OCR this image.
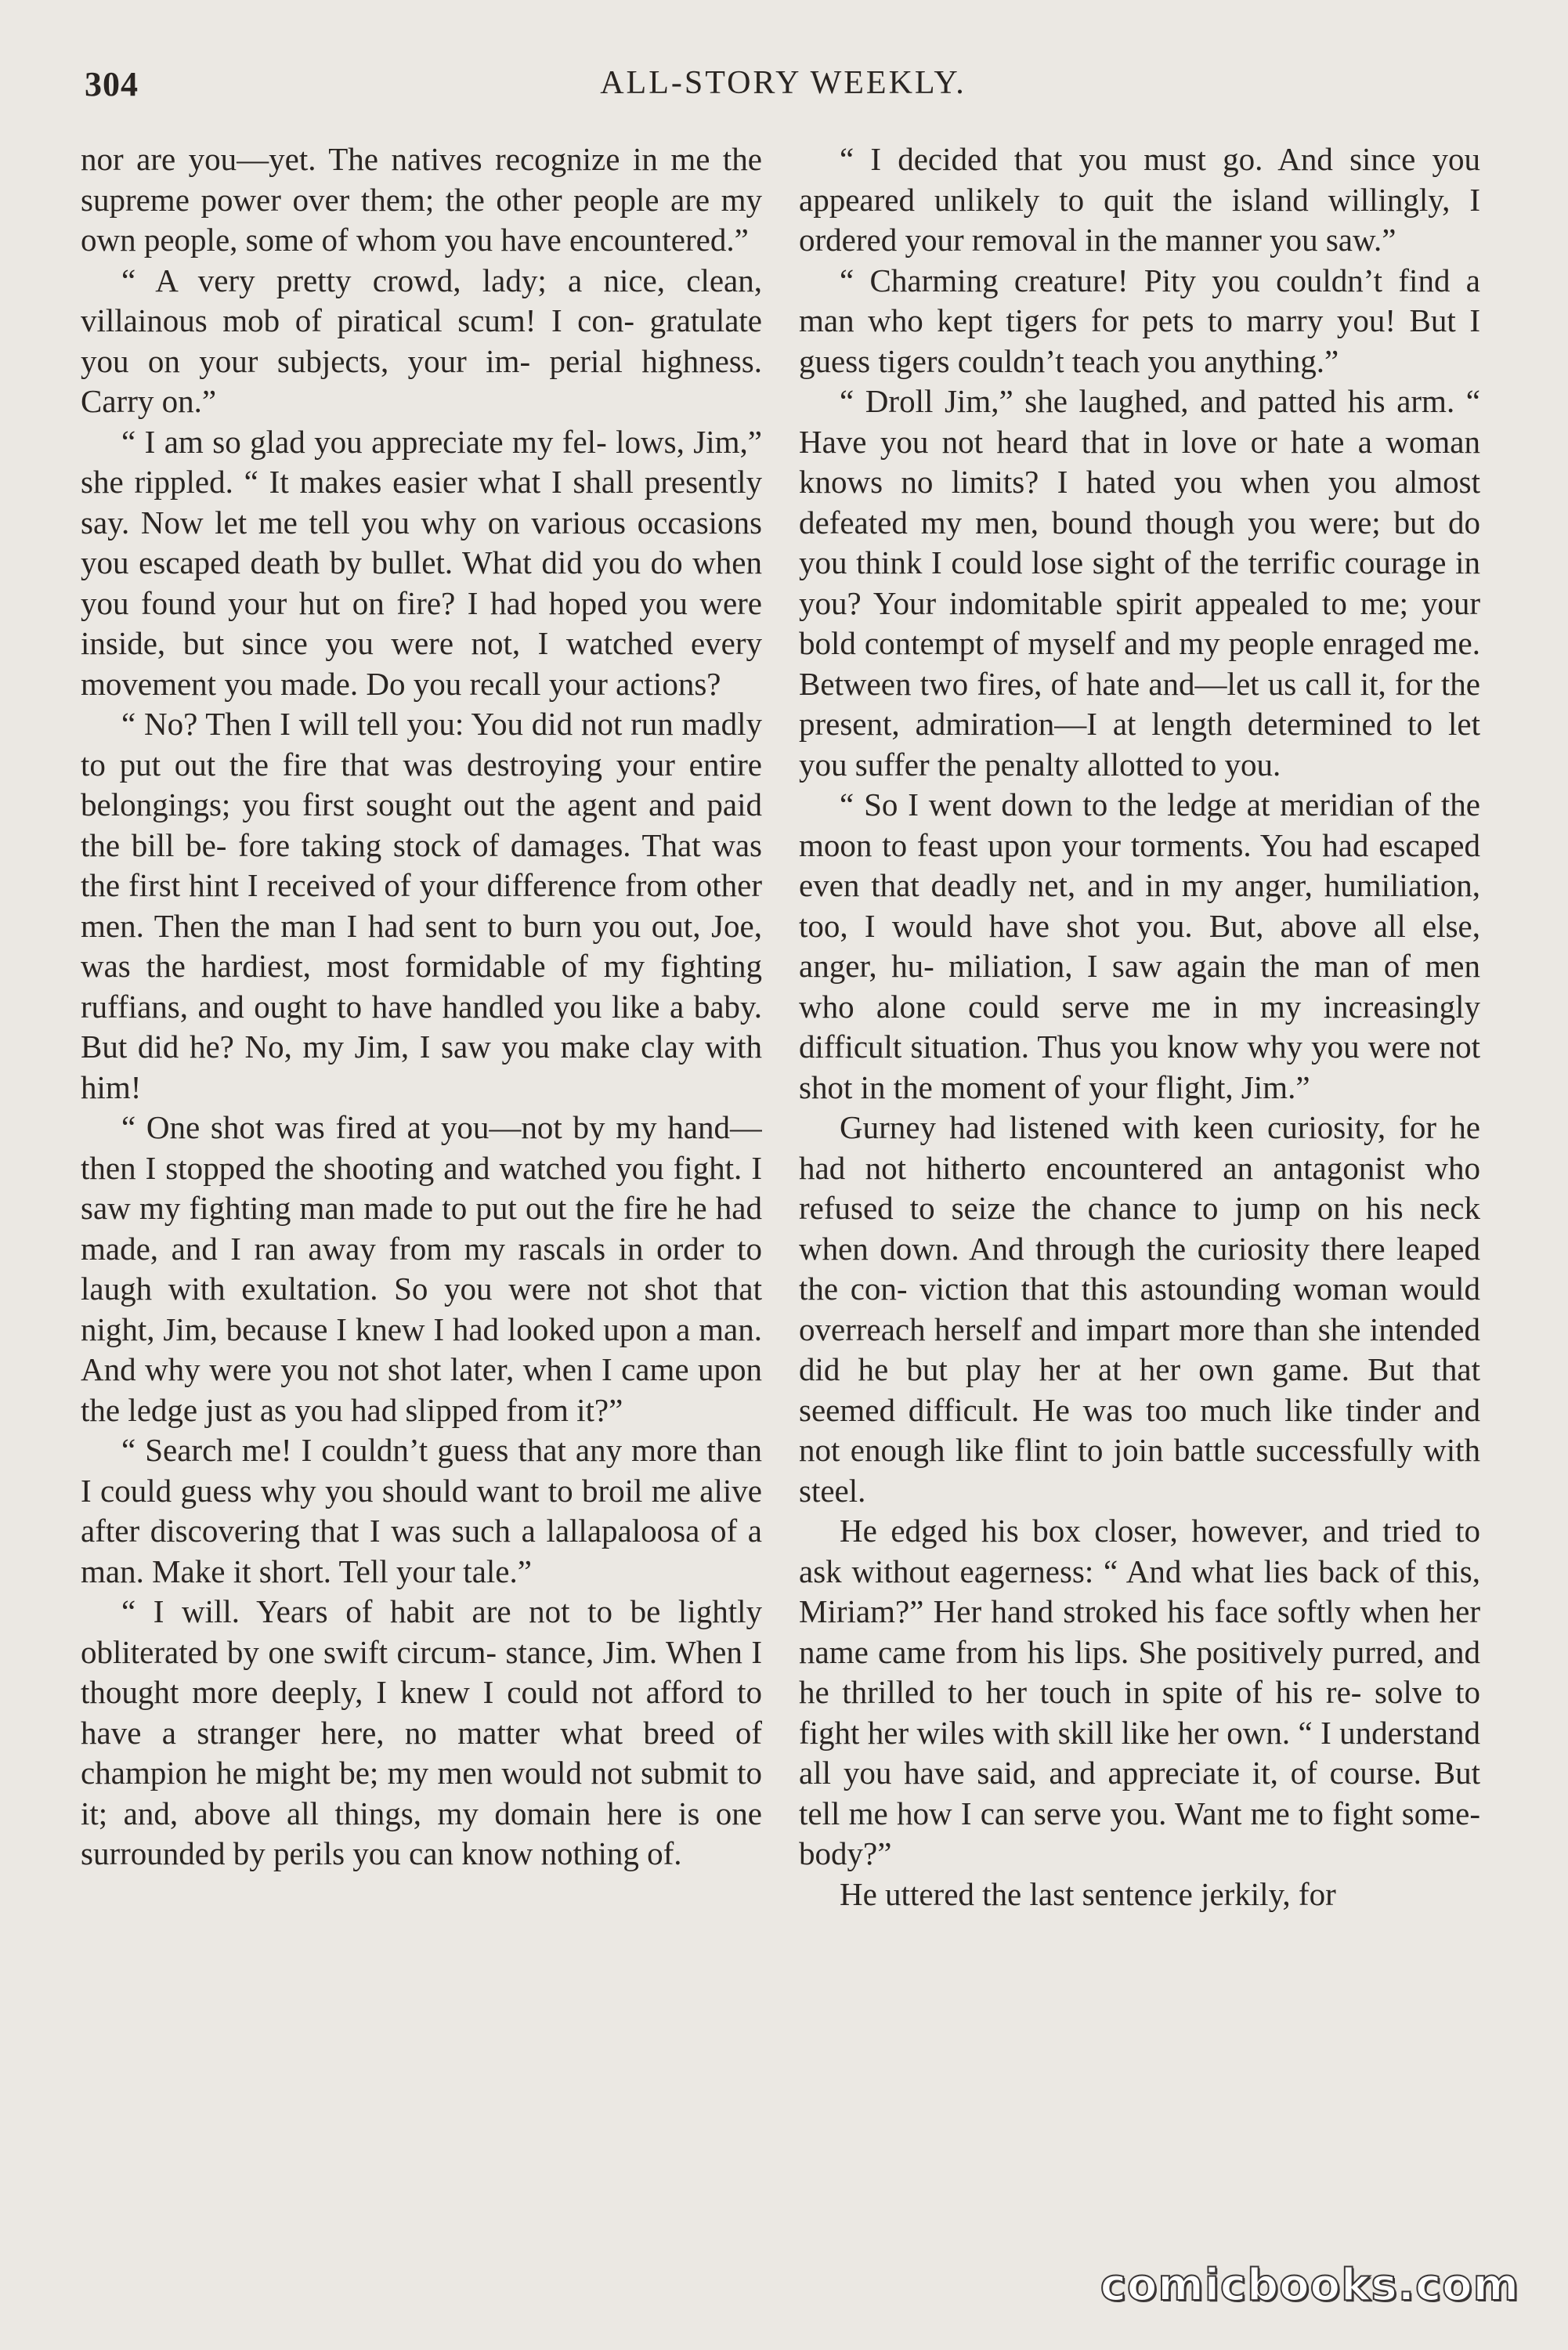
304	ALL-STORY WEEKLY.

nor are you—yet. The natives recognize in me the supreme power over them; the other people are my own people, some of whom you have encountered.”

“ A very pretty crowd, lady; a nice, clean, villainous mob of piratical scum! I con- gratulate you on your subjects, your im- perial highness. Carry on.”

“ I am so glad you appreciate my fel- lows, Jim,” she rippled. “ It makes easier what I shall presently say. Now let me tell you why on various occasions you escaped death by bullet. What did you do when you found your hut on fire? I had hoped you were inside, but since you were not, I watched every movement you made. Do you recall your actions?

“ No? Then I will tell you: You did not run madly to put out the fire that was destroying your entire belongings; you first sought out the agent and paid the bill be- fore taking stock of damages. That was the first hint I received of your difference from other men. Then the man I had sent to burn you out, Joe, was the hardiest, most formidable of my fighting ruffians, and ought to have handled you like a baby. But did he? No, my Jim, I saw you make clay with him!

“ One shot was fired at you—not by my hand—then I stopped the shooting and watched you fight. I saw my fighting man made to put out the fire he had made, and I ran away from my rascals in order to laugh with exultation. So you were not shot that night, Jim, because I knew I had looked upon a man. And why were you not shot later, when I came upon the ledge just as you had slipped from it?”

“ Search me! I couldn’t guess that any more than I could guess why you should want to broil me alive after discovering that I was such a lallapaloosa of a man. Make it short. Tell your tale.”

“ I will. Years of habit are not to be lightly obliterated by one swift circum- stance, Jim. When I thought more deeply, I knew I could not afford to have a stranger here, no matter what breed of champion he might be; my men would not submit to it; and, above all things, my domain here is one surrounded by perils you can know nothing of.

“ I decided that you must go. And since you appeared unlikely to quit the island willingly, I ordered your removal in the manner you saw.”

“ Charming creature! Pity you couldn’t find a man who kept tigers for pets to marry you! But I guess tigers couldn’t teach you anything.”

“ Droll Jim,” she laughed, and patted his arm. “ Have you not heard that in love or hate a woman knows no limits? I hated you when you almost defeated my men, bound though you were; but do you think I could lose sight of the terrific courage in you? Your indomitable spirit appealed to me; your bold contempt of myself and my people enraged me. Between two fires, of hate and—let us call it, for the present, admiration—I at length determined to let you suffer the penalty allotted to you.

“ So I went down to the ledge at meridian of the moon to feast upon your torments. You had escaped even that deadly net, and in my anger, humiliation, too, I would have shot you. But, above all else, anger, hu- miliation, I saw again the man of men who alone could serve me in my increasingly difficult situation. Thus you know why you were not shot in the moment of your flight, Jim.”

Gurney had listened with keen curiosity, for he had not hitherto encountered an antagonist who refused to seize the chance to jump on his neck when down. And through the curiosity there leaped the con- viction that this astounding woman would overreach herself and impart more than she intended did he but play her at her own game. But that seemed difficult. He was too much like tinder and not enough like flint to join battle successfully with steel.

He edged his box closer, however, and tried to ask without eagerness: “ And what lies back of this, Miriam?” Her hand stroked his face softly when her name came from his lips. She positively purred, and he thrilled to her touch in spite of his re- solve to fight her wiles with skill like her own. “ I understand all you have said, and appreciate it, of course. But tell me how I can serve you. Want me to fight some- body?”

He uttered the last sentence jerkily, for

comicbooks.com
